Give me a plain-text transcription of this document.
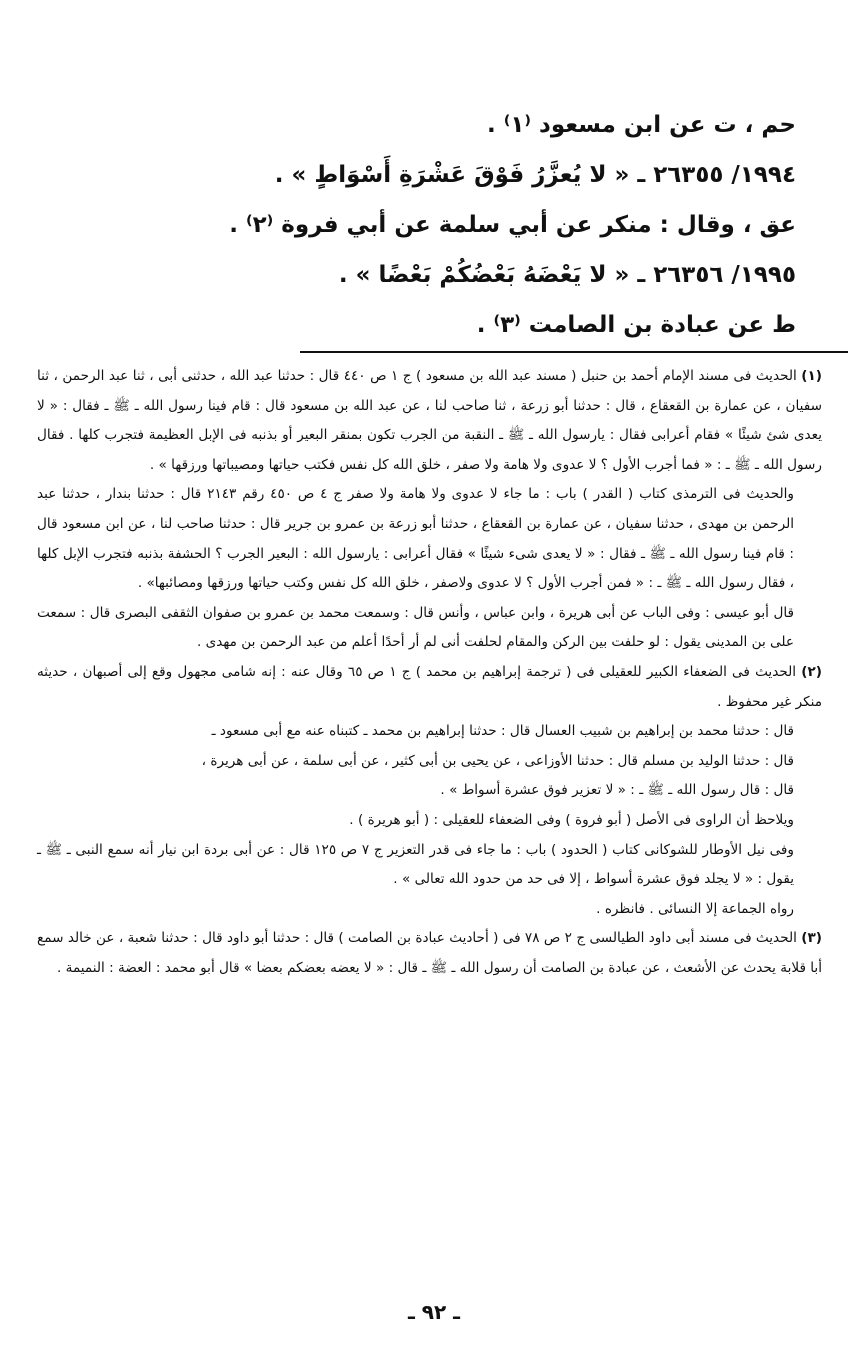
حم ، ت عن ابن مسعود ⁽١⁾ .
١٩٩٤/ ٢٦٣٥٥ ـ « لا يُعزَّرُ فَوْقَ عَشْرَةِ أَسْوَاطٍ » .
عق ، وقال : منكر عن أبي سلمة عن أبي فروة ⁽٢⁾ .
١٩٩٥/ ٢٦٣٥٦ ـ « لا يَعْضَهُ بَعْضُكُمْ بَعْضًا » .
ط عن عبادة بن الصامت ⁽٣⁾ .

(١) الحديث فى مسند الإمام أحمد بن حنبل ( مسند عبد الله بن مسعود ) ج ١ ص ٤٤٠ قال : حدثنا عبد الله ، حدثنى أبى ، ثنا عبد الرحمن ، ثنا سفيان ، عن عمارة بن القعقاع ، قال : حدثنا أبو زرعة ، ثنا صاحب لنا ، عن عبد الله بن مسعود قال : قام فينا رسول الله ـ ﷺ ـ فقال : « لا يعدى شئ شيئًا » فقام أعرابى فقال : يارسول الله ـ ﷺ ـ النقبة من الجرب تكون بمنقر البعير أو بذنبه فى الإبل العظيمة فتجرب كلها . فقال رسول الله ـ ﷺ ـ : « فما أجرب الأول ؟ لا عدوى ولا هامة ولا صفر ، خلق الله كل نفس فكتب حياتها ومصيباتها ورزقها » .

والحديث فى الترمذى كتاب ( القدر ) باب : ما جاء لا عدوى ولا هامة ولا صفر ج ٤ ص ٤٥٠ رقم ٢١٤٣ قال : حدثنا بندار ، حدثنا عبد الرحمن بن مهدى ، حدثنا سفيان ، عن عمارة بن القعقاع ، حدثنا أبو زرعة بن عمرو بن جرير قال : حدثنا صاحب لنا ، عن ابن مسعود قال : قام فينا رسول الله ـ ﷺ ـ فقال : « لا يعدى شىء شيئًا » فقال أعرابى : يارسول الله : البعير الجرب ؟ الحشفة بذنبه فتجرب الإبل كلها ، فقال رسول الله ـ ﷺ ـ : « فمن أجرب الأول ؟ لا عدوى ولاصفر ، خلق الله كل نفس وكتب حياتها ورزقها ومصائبها» .

قال أبو عيسى : وفى الباب عن أبى هريرة ، وابن عباس ، وأنس قال : وسمعت محمد بن عمرو بن صفوان الثقفى البصرى قال : سمعت على بن المدينى يقول : لو حلفت بين الركن والمقام لحلفت أنى لم أر أحدًا أعلم من عبد الرحمن بن مهدى .

(٢) الحديث فى الضعفاء الكبير للعقيلى فى ( ترجمة إبراهيم بن محمد ) ج ١ ص ٦٥ وقال عنه : إنه شامى مجهول وقع إلى أصبهان ، حديثه منكر غير محفوظ .

قال : حدثنا محمد بن إبراهيم بن شبيب العسال قال : حدثنا إبراهيم بن محمد ـ كتبناه عنه مع أبى مسعود ـ

قال : حدثنا الوليد بن مسلم قال : حدثنا الأوزاعى ، عن يحيى بن أبى كثير ، عن أبى سلمة ، عن أبى هريرة ،

قال : قال رسول الله ـ ﷺ ـ : « لا تعزير فوق عشرة أسواط » .

ويلاحظ أن الراوى فى الأصل ( أبو فروة ) وفى الضعفاء للعقيلى : ( أبو هريرة ) .

وفى نيل الأوطار للشوكانى كتاب ( الحدود ) باب : ما جاء فى قدر التعزير ج ٧ ص ١٢٥ قال : عن أبى بردة ابن نيار أنه سمع النبى ـ ﷺ ـ يقول : « لا يجلد فوق عشرة أسواط ، إلا فى حد من حدود الله تعالى » .

رواه الجماعة إلا النسائى . فانظره .

(٣) الحديث فى مسند أبى داود الطيالسى ج ٢ ص ٧٨ فى ( أحاديث عبادة بن الصامت ) قال : حدثنا أبو داود قال : حدثنا شعبة ، عن خالد سمع أبا قلابة يحدث عن الأشعث ، عن عبادة بن الصامت أن رسول الله ـ ﷺ ـ قال : « لا يعضه بعضكم بعضا » قال أبو محمد : العضة : النميمة .

ـ ٩٢ ـ
